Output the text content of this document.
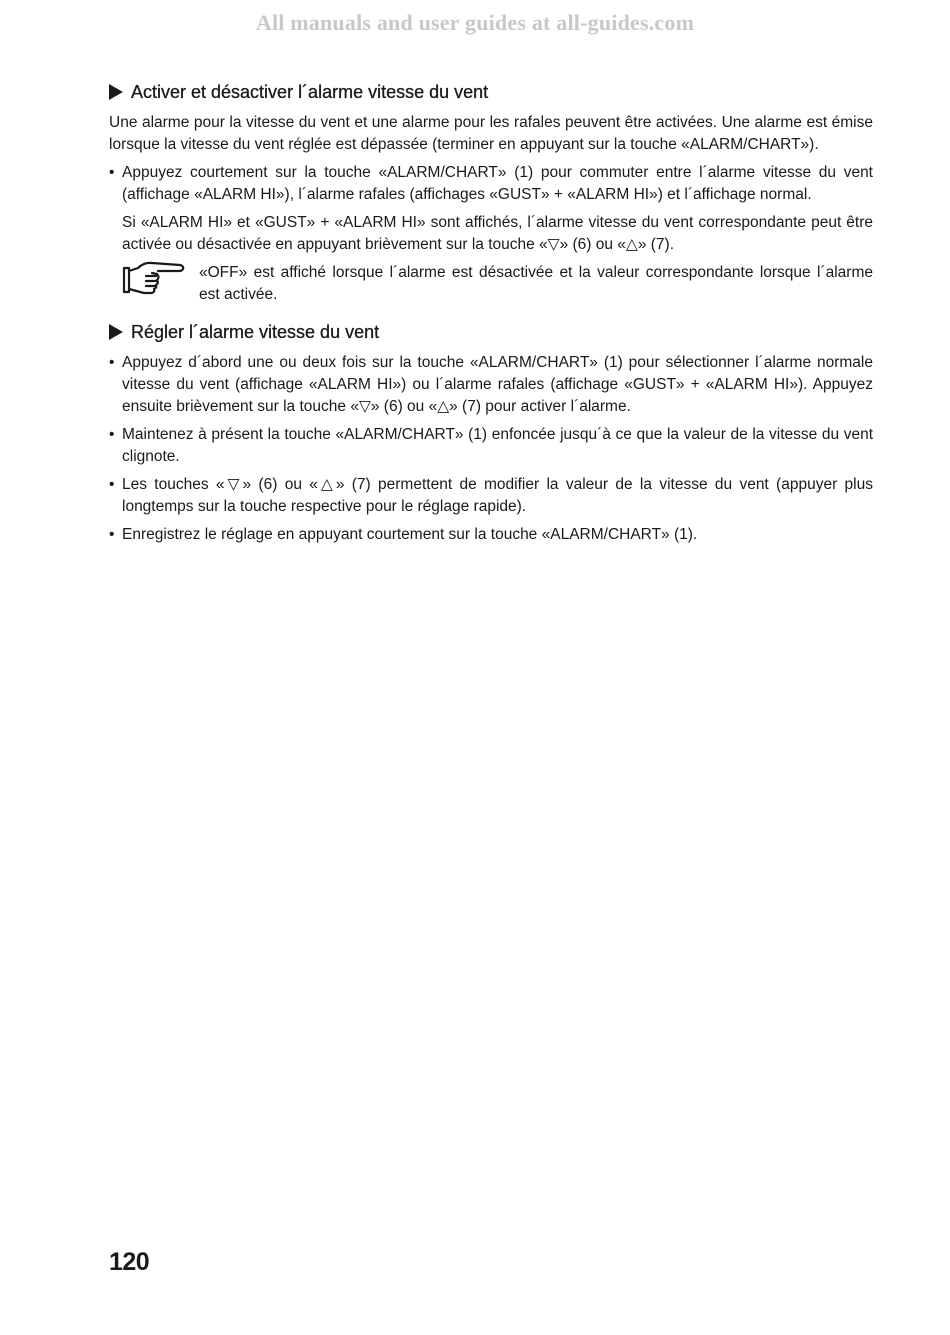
All manuals and user guides at all-guides.com
Activer et désactiver l´alarme vitesse du vent

Une alarme pour la vitesse du vent et une alarme pour les rafales peuvent être activées. Une alarme est émise lorsque la vitesse du vent réglée est dépassée (terminer en appuyant sur la touche «ALARM/CHART»).

• Appuyez courtement sur la touche «ALARM/CHART» (1) pour commuter entre l´alarme vitesse du vent (affichage «ALARM HI»), l´alarme rafales (affichages «GUST» + «ALARM HI») et l´affichage normal.

Si «ALARM HI» et «GUST» + «ALARM HI» sont affichés, l´alarme vitesse du vent correspondante peut être activée ou désactivée en appuyant brièvement sur la touche «▽» (6) ou «△» (7).

«OFF» est affiché lorsque l´alarme est désactivée et la valeur correspondante lorsque l´alarme est activée.

Régler l´alarme vitesse du vent
• Appuyez d´abord une ou deux fois sur la touche «ALARM/CHART» (1) pour sélectionner l´alarme normale vitesse du vent (affichage «ALARM HI») ou l´alarme rafales (affichage «GUST» + «ALARM HI»). Appuyez ensuite brièvement sur la touche «▽» (6) ou «△» (7) pour activer l´alarme.
• Maintenez à présent la touche «ALARM/CHART» (1) enfoncée jusqu´à ce que la valeur de la vitesse du vent clignote.
• Les touches «▽» (6) ou «△» (7) permettent de modifier la valeur de la vitesse du vent (appuyer plus longtemps sur la touche respective pour le réglage rapide).
• Enregistrez le réglage en appuyant courtement sur la touche «ALARM/CHART» (1).
120
